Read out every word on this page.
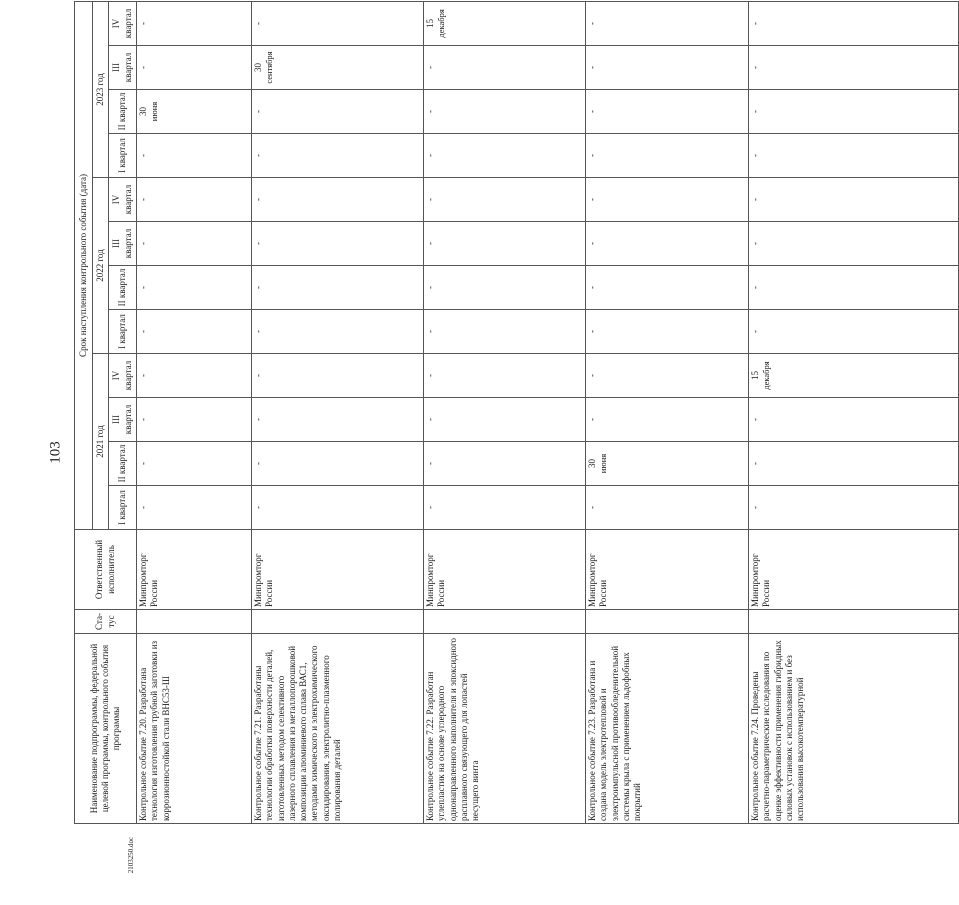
103
Наименование подпрограммы, федеральной целевой программы, контрольного события программы	Ста-тус	Ответственный исполнитель	Срок наступления контрольного события (дата)											
			2021 год				2022 год				2023 год			
			I квартал	II квартал	III квартал	IV квартал	I квартал	II квартал	III квартал	IV квартал	I квартал	II квартал	III квартал	IV квартал
Контрольное событие 7.20. Разработана технология изготовления трубной заготовки из коррозионностойкой стали ВНС53-Ш		Минпромторг России	-	-	-	-	-	-	-	-	-	30 июня	-	-

Контрольное событие 7.21. Разработаны технологии обработки поверхности деталей, изготовленных методом селективного лазерного сплавления из металлопорошковой композиции алюминиевого сплава ВАС1, методами химического и электрохимического оксидирования, электролитно-плазменного полирования деталей		Минпромторг России	-	-	-	-	-	-	-	-	-	-	30 сентября	-

Контрольное событие 7.22. Разработан углепластик на основе углеродного однонаправленного наполнителя и эпоксидного расплавного связующего для лопастей несущего винта		Минпромторг России	-	-	-	-	-	-	-	-	-	-	-	15 декабря

Контрольное событие 7.23. Разработана и создана модель электротепловой и электроимпульсной противообледенительной системы крыла с применением льдофобных покрытий		Минпромторг России	-	30 июня	-	-	-	-	-	-	-	-	-	-

Контрольное событие 7.24. Проведены расчетно-параметрические исследования по оценке эффективности применения гибридных силовых установок с использованием и без использования высокотемпературной		Минпромторг России	-	-	-	15 декабря	-	-	-	-	-	-	-	-
2103250.doc
